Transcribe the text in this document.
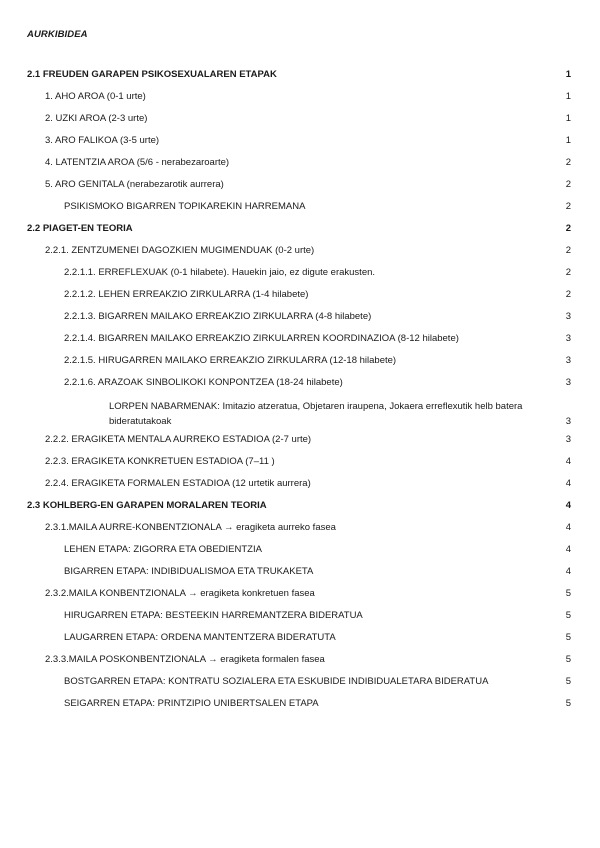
AURKIBIDEA
2.1 FREUDEN GARAPEN PSIKOSEXUALAREN ETAPAK	1
1. AHO AROA (0-1 urte)	1
2. UZKI AROA (2-3 urte)	1
3. ARO FALIKOA (3-5 urte)	1
4. LATENTZIA AROA (5/6 - nerabezaroarte)	2
5. ARO GENITALA (nerabezarotik aurrera)	2
PSIKISMOKO BIGARREN TOPIKAREKIN HARREMANA	2
2.2 PIAGET-EN TEORIA	2
2.2.1. ZENTZUMENEI DAGOZKIEN MUGIMENDUAK (0-2 urte)	2
2.2.1.1. ERREFLEXUAK (0-1 hilabete). Hauekin jaio, ez digute erakusten.	2
2.2.1.2. LEHEN ERREAKZIO ZIRKULARRA (1-4 hilabete)	2
2.2.1.3. BIGARREN MAILAKO ERREAKZIO ZIRKULARRA (4-8 hilabete)	3
2.2.1.4. BIGARREN MAILAKO ERREAKZIO ZIRKULARREN KOORDINAZIOA (8-12 hilabete)	3
2.2.1.5. HIRUGARREN MAILAKO ERREAKZIO ZIRKULARRA (12-18 hilabete)	3
2.2.1.6. ARAZOAK SINBOLIKOKI KONPONTZEA (18-24 hilabete)	3
LORPEN NABARMENAK: Imitazio atzeratua, Objetaren iraupena, Jokaera erreflexutik helb batera bideratutakoak	3
2.2.2. ERAGIKETA MENTALA AURREKO ESTADIOA (2-7 urte)	3
2.2.3. ERAGIKETA KONKRETUEN ESTADIOA (7–11 )	4
2.2.4. ERAGIKETA FORMALEN ESTADIOA (12 urtetik aurrera)	4
2.3 KOHLBERG-EN GARAPEN MORALAREN TEORIA	4
2.3.1.MAILA AURRE-KONBENTZIONALA → eragiketa aurreko fasea	4
LEHEN ETAPA: ZIGORRA ETA OBEDIENTZIA	4
BIGARREN ETAPA: INDIBIDUALISMOA ETA TRUKAKETA	4
2.3.2.MAILA KONBENTZIONALA → eragiketa konkretuen fasea	5
HIRUGARREN ETAPA: BESTEEKIN HARREMANTZERA BIDERATUA	5
LAUGARREN ETAPA: ORDENA MANTENTZERA BIDERATUTA	5
2.3.3.MAILA POSKONBENTZIONALA → eragiketa formalen fasea	5
BOSTGARREN ETAPA: KONTRATU SOZIALERA ETA ESKUBIDE INDIBIDUALETARA BIDERATUA	5
SEIGARREN ETAPA: PRINTZIPIO UNIBERTSALEN ETAPA	5
